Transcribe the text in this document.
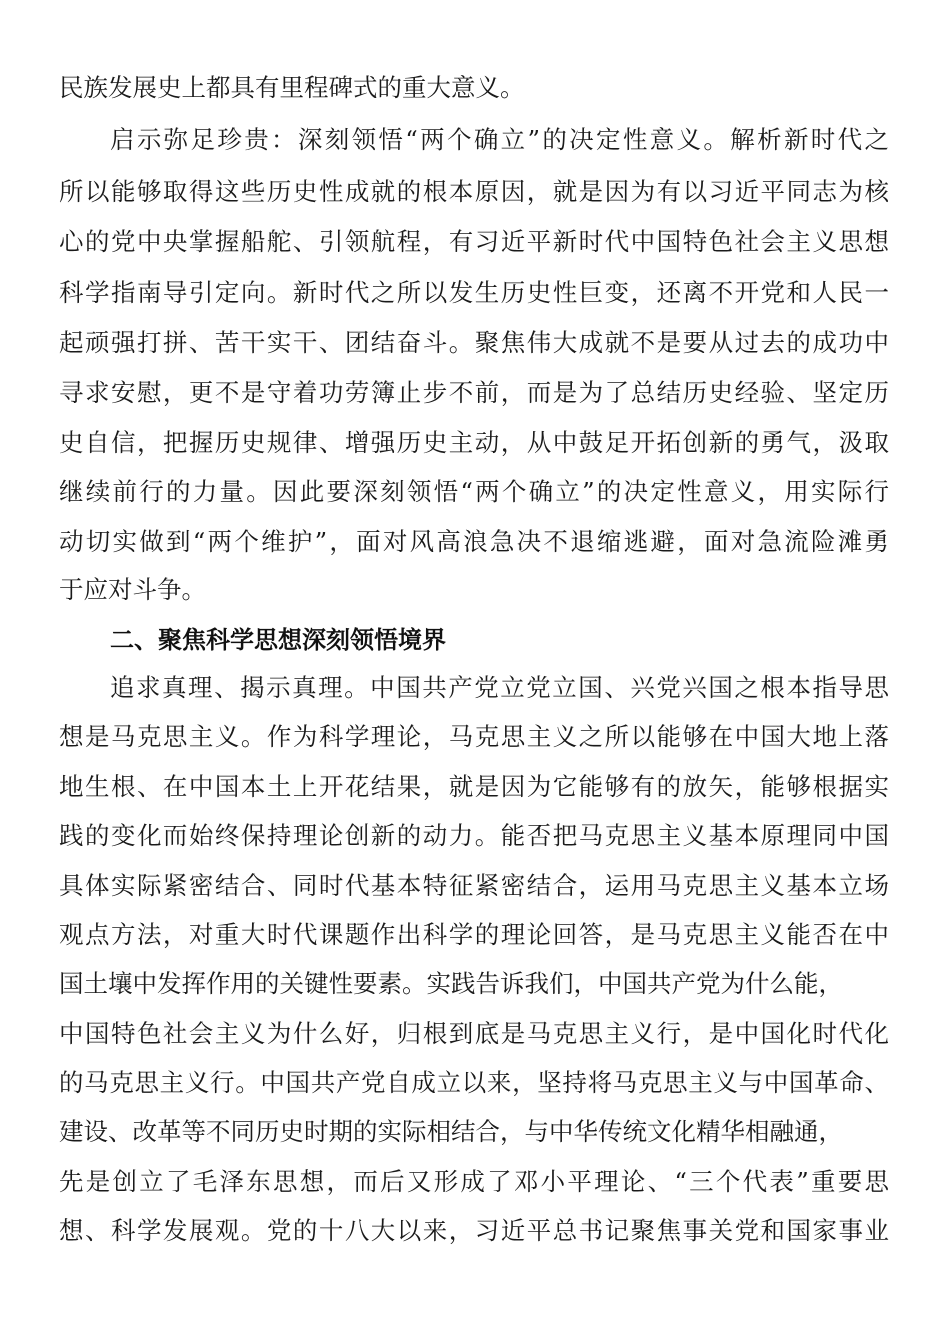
民族发展史上都具有里程碑式的重大意义。
启示弥足珍贵：深刻领悟“两个确立”的决定性意义。解析新时代之
所以能够取得这些历史性成就的根本原因，就是因为有以习近平同志为核
心的党中央掌握船舵、引领航程，有习近平新时代中国特色社会主义思想
科学指南导引定向。新时代之所以发生历史性巨变，还离不开党和人民一
起顽强打拼、苦干实干、团结奋斗。聚焦伟大成就不是要从过去的成功中
寻求安慰，更不是守着功劳簿止步不前，而是为了总结历史经验、坚定历
史自信，把握历史规律、增强历史主动，从中鼓足开拓创新的勇气，汲取
继续前行的力量。因此要深刻领悟“两个确立”的决定性意义，用实际行
动切实做到“两个维护”，面对风高浪急决不退缩逃避，面对急流险滩勇
于应对斗争。
二、聚焦科学思想深刻领悟境界
追求真理、揭示真理。中国共产党立党立国、兴党兴国之根本指导思
想是马克思主义。作为科学理论，马克思主义之所以能够在中国大地上落
地生根、在中国本土上开花结果，就是因为它能够有的放矢，能够根据实
践的变化而始终保持理论创新的动力。能否把马克思主义基本原理同中国
具体实际紧密结合、同时代基本特征紧密结合，运用马克思主义基本立场
观点方法，对重大时代课题作出科学的理论回答，是马克思主义能否在中
国土壤中发挥作用的关键性要素。实践告诉我们，中国共产党为什么能，
中国特色社会主义为什么好，归根到底是马克思主义行，是中国化时代化
的马克思主义行。中国共产党自成立以来，坚持将马克思主义与中国革命、
建设、改革等不同历史时期的实际相结合，与中华传统文化精华相融通，
先是创立了毛泽东思想，而后又形成了邓小平理论、“三个代表”重要思
想、科学发展观。党的十八大以来，习近平总书记聚焦事关党和国家事业
